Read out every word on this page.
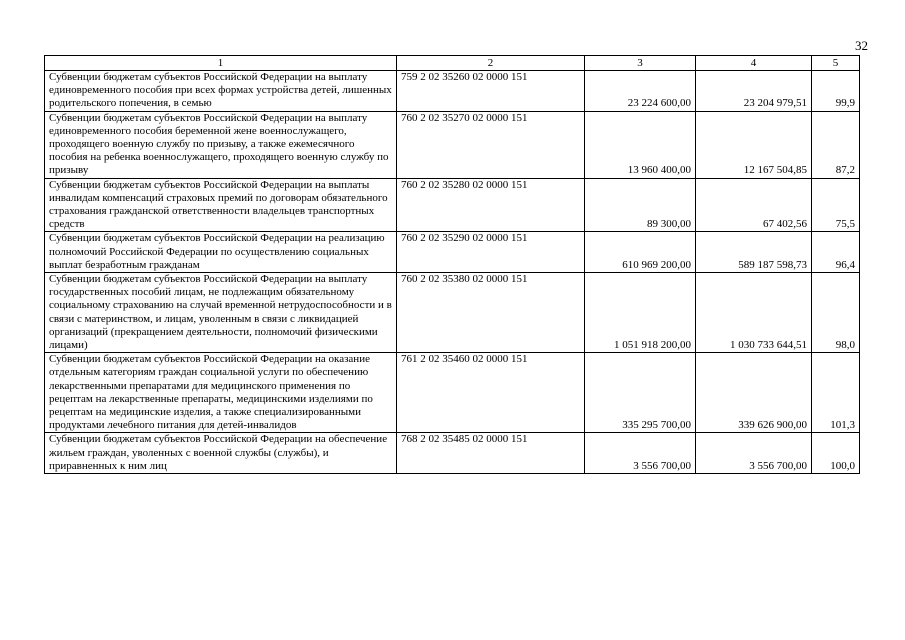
32
1	2	3	4	5
Субвенции бюджетам субъектов Российской Федерации на выплату единовременного пособия при всех формах устройства детей, лишенных родительского попечения, в семью	759 2 02 35260 02 0000 151	23 224 600,00	23 204 979,51	99,9
Субвенции бюджетам субъектов Российской Федерации на выплату единовременного пособия беременной жене военнослужащего, проходящего военную службу по призыву, а также ежемесячного пособия на ребенка военнослужащего, проходящего военную службу по призыву	760 2 02 35270 02 0000 151	13 960 400,00	12 167 504,85	87,2
Субвенции бюджетам субъектов Российской Федерации на выплаты инвалидам компенсаций страховых премий по договорам обязательного страхования гражданской ответственности владельцев транспортных средств	760 2 02 35280 02 0000 151	89 300,00	67 402,56	75,5
Субвенции бюджетам субъектов Российской Федерации на реализацию полномочий Российской Федерации по осуществлению социальных выплат безработным гражданам	760 2 02 35290 02 0000 151	610 969 200,00	589 187 598,73	96,4
Субвенции бюджетам субъектов Российской Федерации на выплату государственных пособий лицам, не подлежащим обязательному социальному страхованию на случай временной нетрудоспособности и в связи с материнством, и лицам, уволенным в связи с ликвидацией организаций (прекращением деятельности, полномочий физическими лицами)	760 2 02 35380 02 0000 151	1 051 918 200,00	1 030 733 644,51	98,0
Субвенции бюджетам субъектов Российской Федерации на оказание отдельным категориям граждан социальной услуги по обеспечению лекарственными препаратами для медицинского применения по рецептам на лекарственные препараты, медицинскими изделиями по рецептам на медицинские изделия, а также специализированными продуктами лечебного питания для детей-инвалидов	761 2 02 35460 02 0000 151	335 295 700,00	339 626 900,00	101,3
Субвенции бюджетам субъектов Российской Федерации на обеспечение жильем граждан, уволенных с военной службы (службы), и приравненных к ним лиц	768 2 02 35485 02 0000 151	3 556 700,00	3 556 700,00	100,0
